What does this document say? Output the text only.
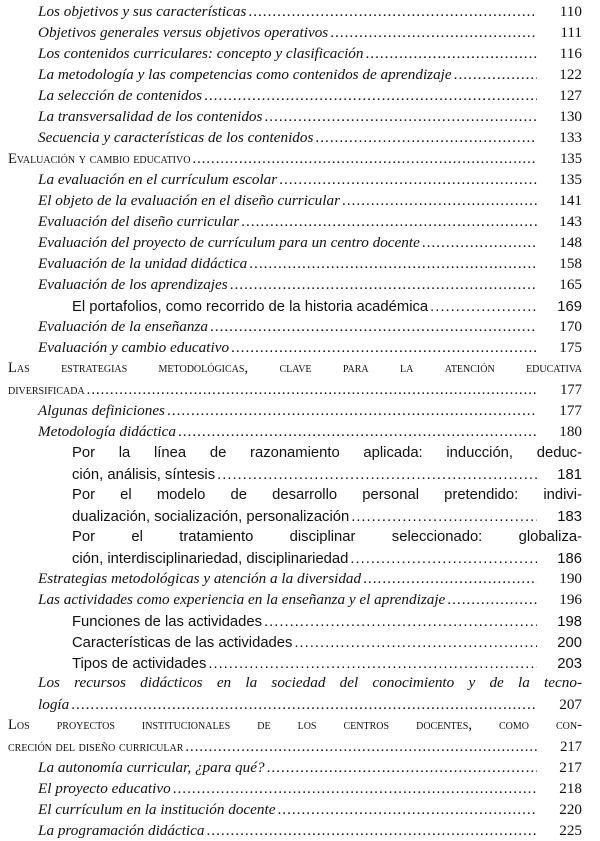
Los objetivos y sus características .....	110
Objetivos generales versus objetivos operativos .....	111
Los contenidos curriculares: concepto y clasificación .....	116
La metodología y las competencias como contenidos de aprendizaje .....	122
La selección de contenidos .....	127
La transversalidad de los contenidos .....	130
Secuencia y características de los contenidos .....	133
Evaluación y cambio educativo .....	135
La evaluación en el currículum escolar .....	135
El objeto de la evaluación en el diseño curricular .....	141
Evaluación del diseño curricular .....	143
Evaluación del proyecto de currículum para un centro docente .....	148
Evaluación de la unidad didáctica .....	158
Evaluación de los aprendizajes .....	165
El portafolios, como recorrido de la historia académica .....	169
Evaluación de la enseñanza .....	170
Evaluación y cambio educativo .....	175
Las estrategias metodológicas, clave para la atención educativa
diversificada .....	177
Algunas definiciones .....	177
Metodología didáctica .....	180
Por la línea de razonamiento aplicada: inducción, deduc-
ción, análisis, síntesis .....	181
Por el modelo de desarrollo personal pretendido: indivi-
dualización, socialización, personalización .....	183
Por el tratamiento disciplinar seleccionado: globaliza-
ción, interdisciplinariedad, disciplinariedad .....	186
Estrategias metodológicas y atención a la diversidad .....	190
Las actividades como experiencia en la enseñanza y el aprendizaje .....	196
Funciones de las actividades .....	198
Características de las actividades .....	200
Tipos de actividades .....	203
Los recursos didácticos en la sociedad del conocimiento y de la tecno-
logía .....	207
Los proyectos institucionales de los centros docentes, como con-
creción del diseño curricular .....	217
La autonomía curricular, ¿para qué? .....	217
El proyecto educativo .....	218
El currículum en la institución docente .....	220
La programación didáctica .....	225
